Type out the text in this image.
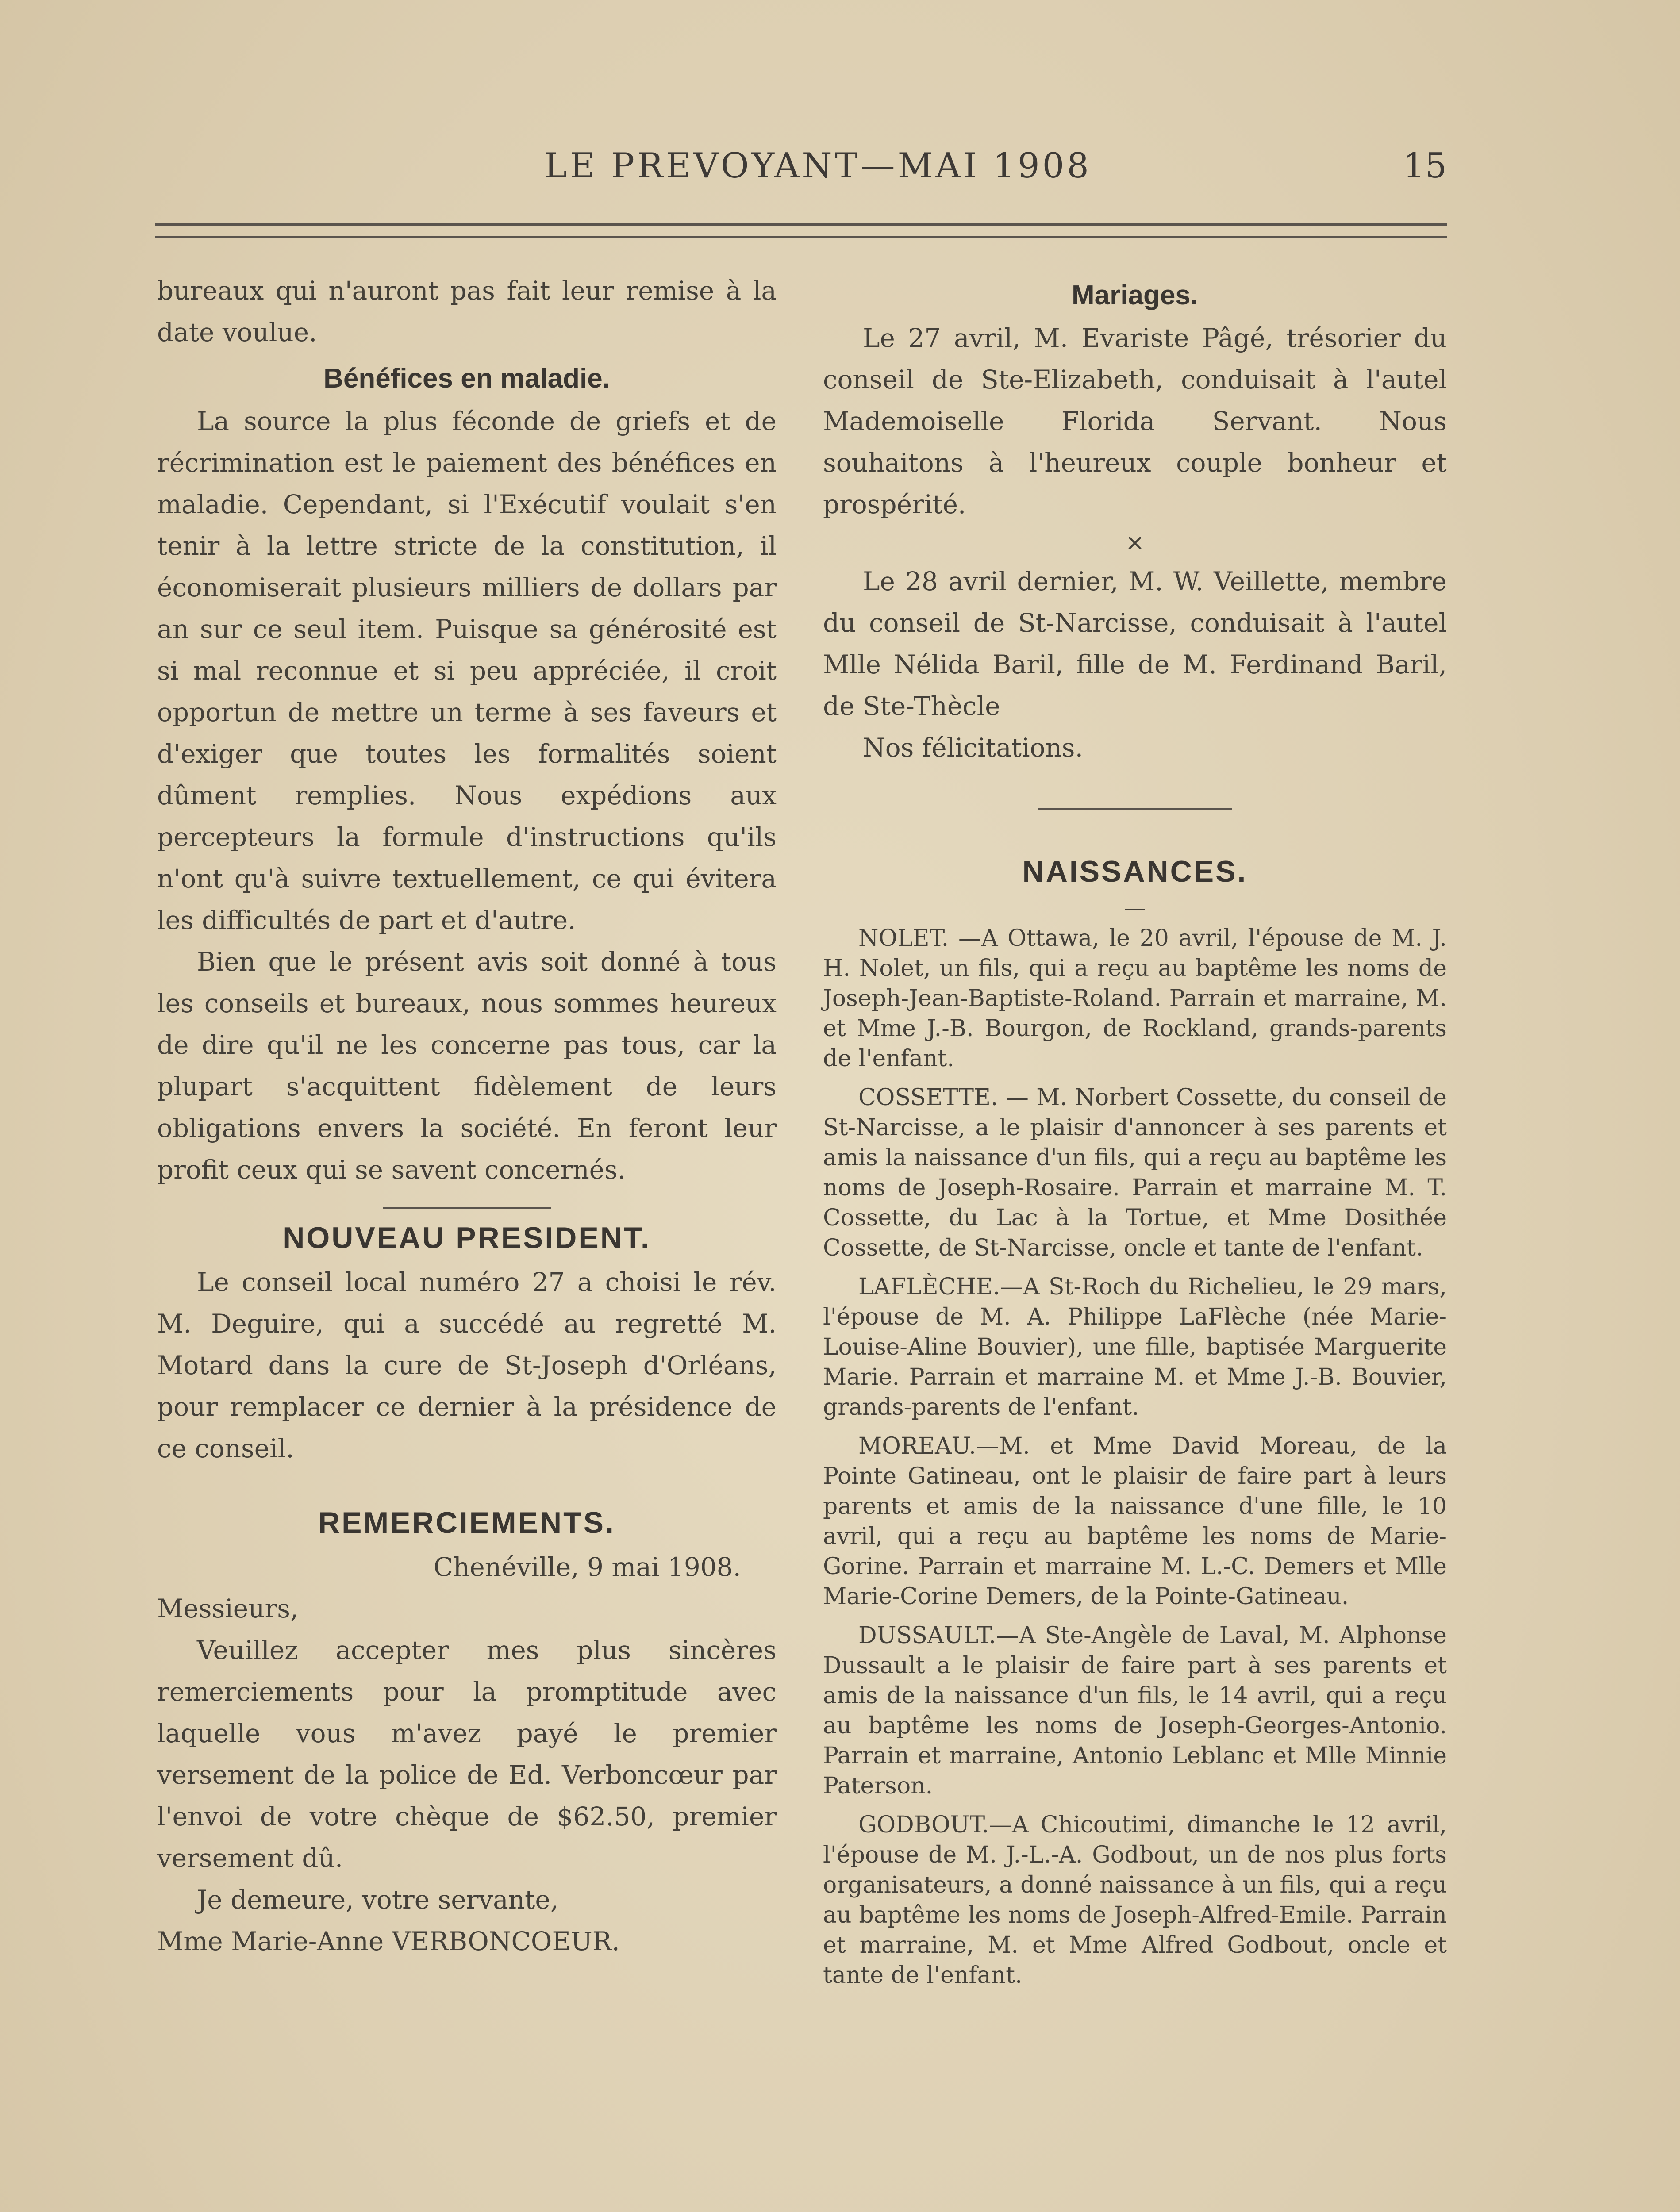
LE PREVOYANT—MAI 1908	15

bureaux qui n'auront pas fait leur remise à la date voulue.

Bénéfices en maladie.

La source la plus féconde de griefs et de récrimination est le paiement des bénéfices en maladie. Cependant, si l'Exécutif voulait s'en tenir à la lettre stricte de la constitution, il économiserait plusieurs milliers de dollars par an sur ce seul item. Puisque sa générosité est si mal reconnue et si peu appréciée, il croit opportun de mettre un terme à ses faveurs et d'exiger que toutes les formalités soient dûment remplies. Nous expédions aux percepteurs la formule d'instructions qu'ils n'ont qu'à suivre textuellement, ce qui évitera les difficultés de part et d'autre.

Bien que le présent avis soit donné à tous les conseils et bureaux, nous sommes heureux de dire qu'il ne les concerne pas tous, car la plupart s'acquittent fidèlement de leurs obligations envers la société. En feront leur profit ceux qui se savent concernés.

NOUVEAU PRESIDENT.

Le conseil local numéro 27 a choisi le rév. M. Deguire, qui a succédé au regretté M. Motard dans la cure de St-Joseph d'Orléans, pour remplacer ce dernier à la présidence de ce conseil.

REMERCIEMENTS.

Chenéville, 9 mai 1908.

Messieurs,

Veuillez accepter mes plus sincères remerciements pour la promptitude avec laquelle vous m'avez payé le premier versement de la police de Ed. Verboncœur par l'envoi de votre chèque de $62.50, premier versement dû.

Je demeure, votre servante,

Mme Marie-Anne VERBONCOEUR.

Mariages.

Le 27 avril, M. Evariste Pâgé, trésorier du conseil de Ste-Elizabeth, conduisait à l'autel Mademoiselle Florida Servant. Nous souhaitons à l'heureux couple bonheur et prospérité.

×

Le 28 avril dernier, M. W. Veillette, membre du conseil de St-Narcisse, conduisait à l'autel Mlle Nélida Baril, fille de M. Ferdinand Baril, de Ste-Thècle

Nos félicitations.

NAISSANCES.
—

NOLET. —A Ottawa, le 20 avril, l'épouse de M. J. H. Nolet, un fils, qui a reçu au baptême les noms de Joseph-Jean-Baptiste-Roland. Parrain et marraine, M. et Mme J.-B. Bourgon, de Rockland, grands-parents de l'enfant.

COSSETTE. — M. Norbert Cossette, du conseil de St-Narcisse, a le plaisir d'annoncer à ses parents et amis la naissance d'un fils, qui a reçu au baptême les noms de Joseph-Rosaire. Parrain et marraine M. T. Cossette, du Lac à la Tortue, et Mme Dosithée Cossette, de St-Narcisse, oncle et tante de l'enfant.

LAFLÈCHE.—A St-Roch du Richelieu, le 29 mars, l'épouse de M. A. Philippe LaFlèche (née Marie-Louise-Aline Bouvier), une fille, baptisée Marguerite Marie. Parrain et marraine M. et Mme J.-B. Bouvier, grands-parents de l'enfant.

MOREAU.—M. et Mme David Moreau, de la Pointe Gatineau, ont le plaisir de faire part à leurs parents et amis de la naissance d'une fille, le 10 avril, qui a reçu au baptême les noms de Marie-Gorine. Parrain et marraine M. L.-C. Demers et Mlle Marie-Corine Demers, de la Pointe-Gatineau.

DUSSAULT.—A Ste-Angèle de Laval, M. Alphonse Dussault a le plaisir de faire part à ses parents et amis de la naissance d'un fils, le 14 avril, qui a reçu au baptême les noms de Joseph-Georges-Antonio. Parrain et marraine, Antonio Leblanc et Mlle Minnie Paterson.

GODBOUT.—A Chicoutimi, dimanche le 12 avril, l'épouse de M. J.-L.-A. Godbout, un de nos plus forts organisateurs, a donné naissance à un fils, qui a reçu au baptême les noms de Joseph-Alfred-Emile. Parrain et marraine, M. et Mme Alfred Godbout, oncle et tante de l'enfant.
